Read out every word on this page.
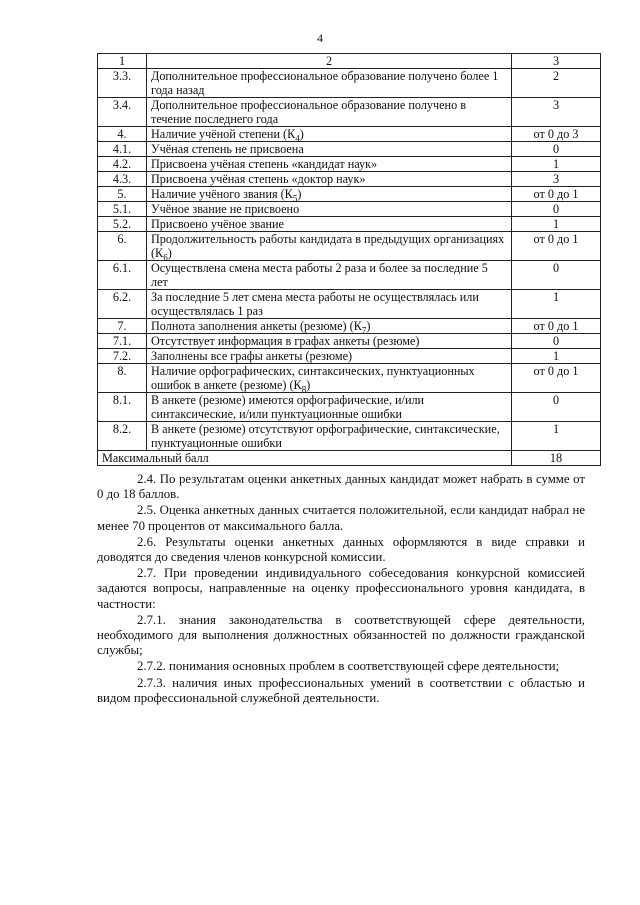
4
1	2	3
3.3.	Дополнительное профессиональное образование получено более 1 года назад	2
3.4.	Дополнительное профессиональное образование получено в течение последнего года	3
4.	Наличие учёной степени $(К_4)$	от 0 до 3
4.1.	Учёная степень не присвоена	0
4.2.	Присвоена учёная степень «кандидат наук»	1
4.3.	Присвоена учёная степень «доктор наук»	3
5.	Наличие учёного звания $(К_5)$	от 0 до 1
5.1.	Учёное звание не присвоено	0
5.2.	Присвоено учёное звание	1
6.	Продолжительность работы кандидата в предыдущих организациях $(К_6)$	от 0 до 1
6.1.	Осуществлена смена места работы 2 раза и более за последние 5 лет	0
6.2.	За последние 5 лет смена места работы не осуществлялась или осуществлялась 1 раз	1
7.	Полнота заполнения анкеты (резюме) $(К_7)$	от 0 до 1
7.1.	Отсутствует информация в графах анкеты (резюме)	0
7.2.	Заполнены все графы анкеты (резюме)	1
8.	Наличие орфографических, синтаксических, пунктуационных ошибок в анкете (резюме) $(К_8)$	от 0 до 1
8.1.	В анкете (резюме) имеются орфографические, и/или синтаксические, и/или пунктуационные ошибки	0
8.2.	В анкете (резюме) отсутствуют орфографические, синтаксические, пунктуационные ошибки	1
Максимальный балл		18

2.4. По результатам оценки анкетных данных кандидат может набрать в сумме от 0 до 18 баллов.

2.5. Оценка анкетных данных считается положительной, если кандидат набрал не менее 70 процентов от максимального балла.

2.6. Результаты оценки анкетных данных оформляются в виде справки и доводятся до сведения членов конкурсной комиссии.

2.7. При проведении индивидуального собеседования конкурсной комиссией задаются вопросы, направленные на оценку профессионального уровня кандидата, в частности:

2.7.1. знания законодательства в соответствующей сфере деятельности, необходимого для выполнения должностных обязанностей по должности гражданской службы;

2.7.2. понимания основных проблем в соответствующей сфере деятельности;

2.7.3. наличия иных профессиональных умений в соответствии с областью и видом профессиональной служебной деятельности.
